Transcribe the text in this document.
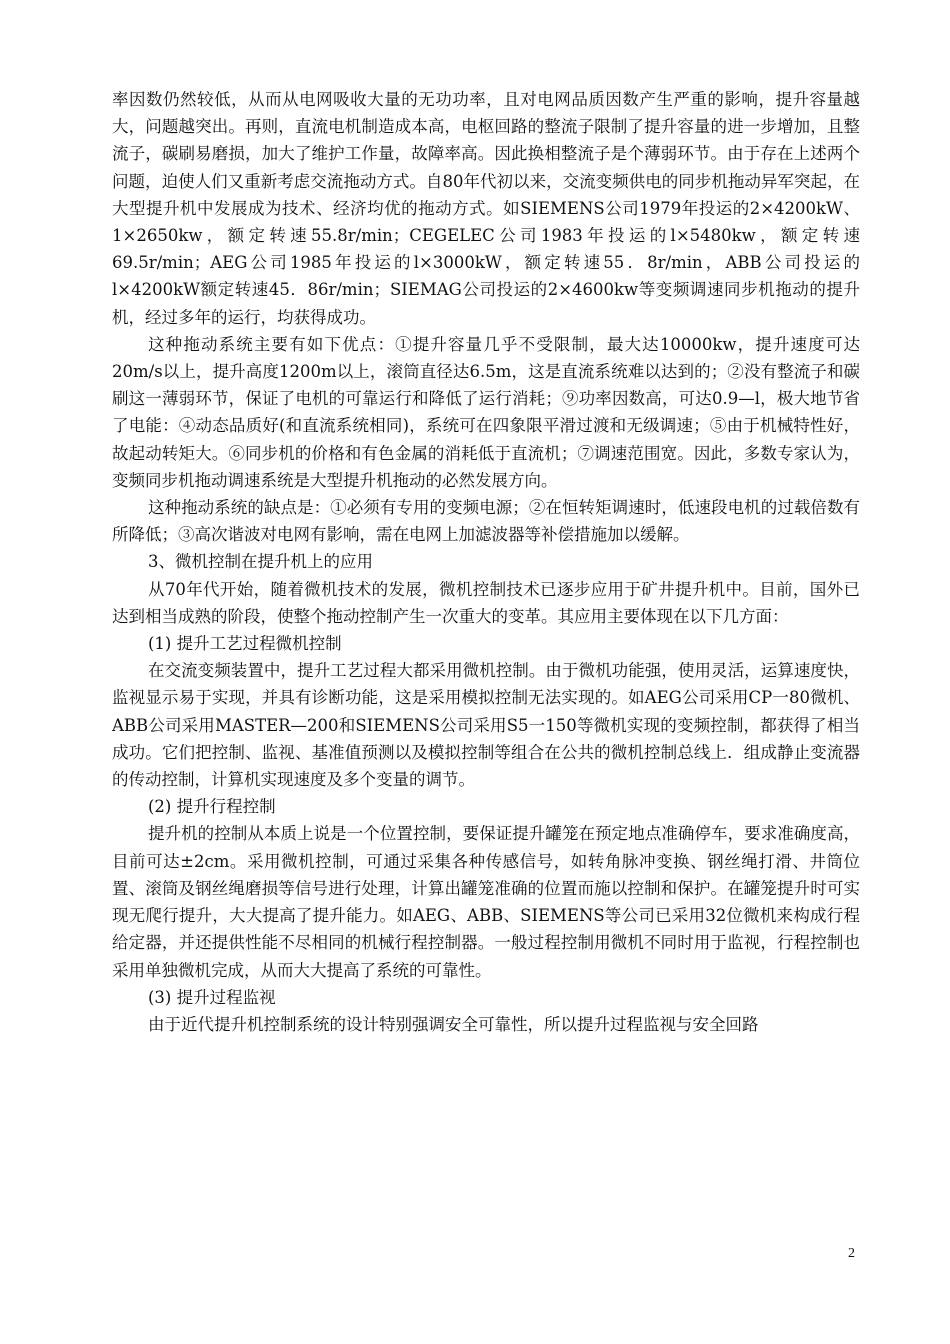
率因数仍然较低，从而从电网吸收大量的无功功率，且对电网品质因数产生严重的影响，提升容量越大，问题越突出。再则，直流电机制造成本高，电枢回路的整流子限制了提升容量的进一步增加，且整流子，碳刷易磨损，加大了维护工作量，故障率高。因此换相整流子是个薄弱环节。由于存在上述两个问题，迫使人们又重新考虑交流拖动方式。自80年代初以来，交流变频供电的同步机拖动异军突起，在大型提升机中发展成为技术、经济均优的拖动方式。如SIEMENS公司1979年投运的2×4200kW、1×2650kw，额定转速55.8r/min；CEGELEC公司1983年投运的l×5480kw，额定转速69.5r/min；AEG公司1985年投运的l×3000kW，额定转速55．8r/min，ABB公司投运的l×4200kW额定转速45．86r/min；SIEMAG公司投运的2×4600kw等变频调速同步机拖动的提升机，经过多年的运行，均获得成功。

这种拖动系统主要有如下优点：①提升容量几乎不受限制，最大达10000kw，提升速度可达20m/s以上，提升高度1200m以上，滚筒直径达6.5m，这是直流系统难以达到的；②没有整流子和碳刷这一薄弱环节，保证了电机的可靠运行和降低了运行消耗；⑨功率因数高，可达0.9—l，极大地节省了电能：④动态品质好(和直流系统相同)，系统可在四象限平滑过渡和无级调速；⑤由于机械特性好，故起动转矩大。⑥同步机的价格和有色金属的消耗低于直流机；⑦调速范围宽。因此，多数专家认为，变频同步机拖动调速系统是大型提升机拖动的必然发展方向。

这种拖动系统的缺点是：①必须有专用的变频电源；②在恒转矩调速时，低速段电机的过载倍数有所降低；③高次谐波对电网有影响，需在电网上加滤波器等补偿措施加以缓解。

3、微机控制在提升机上的应用

从70年代开始，随着微机技术的发展，微机控制技术已逐步应用于矿井提升机中。目前，国外已达到相当成熟的阶段，使整个拖动控制产生一次重大的变革。其应用主要体现在以下几方面：

(1) 提升工艺过程微机控制

在交流变频装置中，提升工艺过程大都采用微机控制。由于微机功能强，使用灵活，运算速度快，监视显示易于实现，并具有诊断功能，这是采用模拟控制无法实现的。如AEG公司采用CP一80微机、ABB公司采用MASTER—200和SIEMENS公司采用S5一150等微机实现的变频控制，都获得了相当成功。它们把控制、监视、基准值预测以及模拟控制等组合在公共的微机控制总线上．组成静止变流器的传动控制，计算机实现速度及多个变量的调节。

(2) 提升行程控制

提升机的控制从本质上说是一个位置控制，要保证提升罐笼在预定地点准确停车，要求准确度高，目前可达±2cm。采用微机控制，可通过采集各种传感信号，如转角脉冲变换、钢丝绳打滑、井筒位置、滚筒及钢丝绳磨损等信号进行处理，计算出罐笼准确的位置而施以控制和保护。在罐笼提升时可实现无爬行提升，大大提高了提升能力。如AEG、ABB、SIEMENS等公司已采用32位微机来构成行程给定器，并还提供性能不尽相同的机械行程控制器。一般过程控制用微机不同时用于监视，行程控制也采用单独微机完成，从而大大提高了系统的可靠性。

(3) 提升过程监视

由于近代提升机控制系统的设计特别强调安全可靠性，所以提升过程监视与安全回路

2
